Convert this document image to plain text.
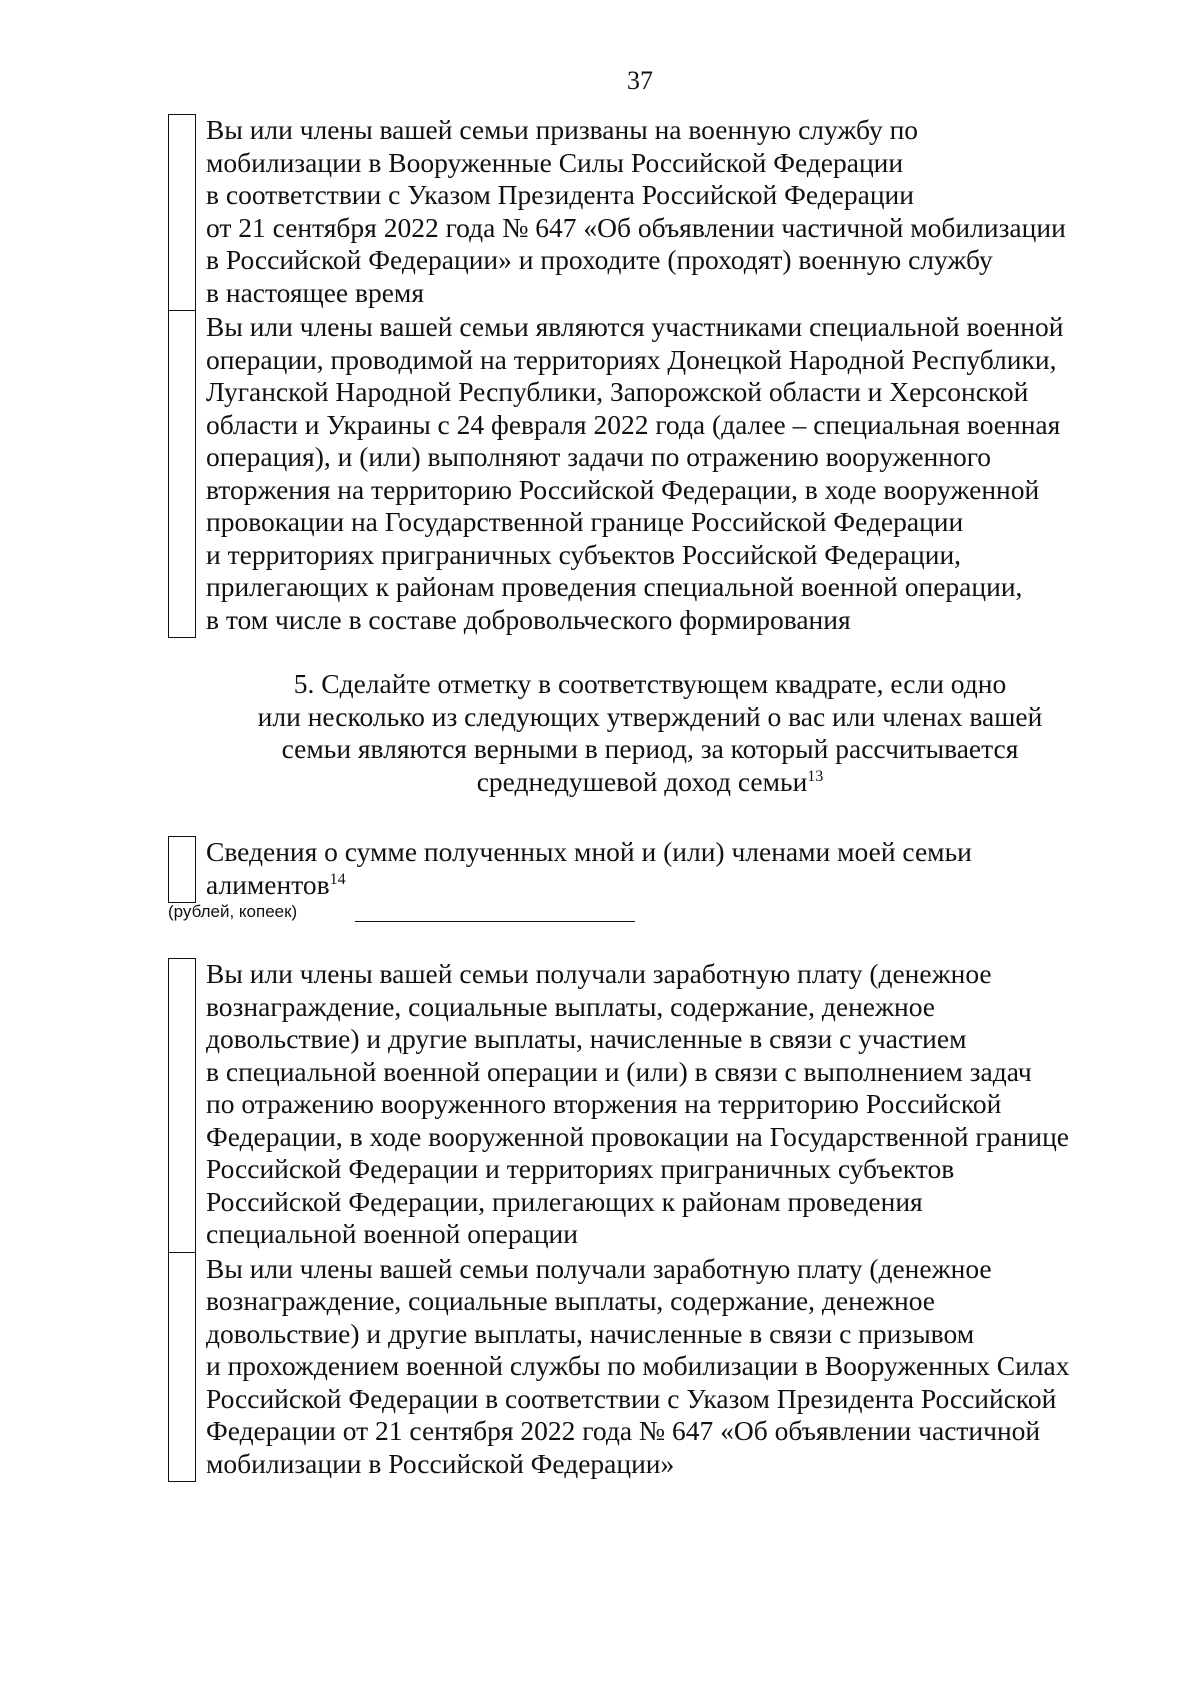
37
Вы или члены вашей семьи призваны на военную службу по
мобилизации в Вооруженные Силы Российской Федерации
в соответствии с Указом Президента Российской Федерации
от 21 сентября 2022 года № 647 «Об объявлении частичной мобилизации
в Российской Федерации» и проходите (проходят) военную службу
в настоящее время
Вы или члены вашей семьи являются участниками специальной военной
операции, проводимой на территориях Донецкой Народной Республики,
Луганской Народной Республики, Запорожской области и Херсонской
области и Украины с 24 февраля 2022 года (далее – специальная военная
операция), и (или) выполняют задачи по отражению вооруженного
вторжения на территорию Российской Федерации, в ходе вооруженной
провокации на Государственной границе Российской Федерации
и территориях приграничных субъектов Российской Федерации,
прилегающих к районам проведения специальной военной операции,
в том числе в составе добровольческого формирования
5. Сделайте отметку в соответствующем квадрате, если одно
или несколько из следующих утверждений о вас или членах вашей
семьи являются верными в период, за который рассчитывается
среднедушевой доход семьи$^{13}$
Сведения о сумме полученных мной и (или) членами моей семьи
алиментов$^{14}$
(рублей, копеек)
Вы или члены вашей семьи получали заработную плату (денежное
вознаграждение, социальные выплаты, содержание, денежное
довольствие) и другие выплаты, начисленные в связи с участием
в специальной военной операции и (или) в связи с выполнением задач
по отражению вооруженного вторжения на территорию Российской
Федерации, в ходе вооруженной провокации на Государственной границе
Российской Федерации и территориях приграничных субъектов
Российской Федерации, прилегающих к районам проведения
специальной военной операции
Вы или члены вашей семьи получали заработную плату (денежное
вознаграждение, социальные выплаты, содержание, денежное
довольствие) и другие выплаты, начисленные в связи с призывом
и прохождением военной службы по мобилизации в Вооруженных Силах
Российской Федерации в соответствии с Указом Президента Российской
Федерации от 21 сентября 2022 года № 647 «Об объявлении частичной
мобилизации в Российской Федерации»
